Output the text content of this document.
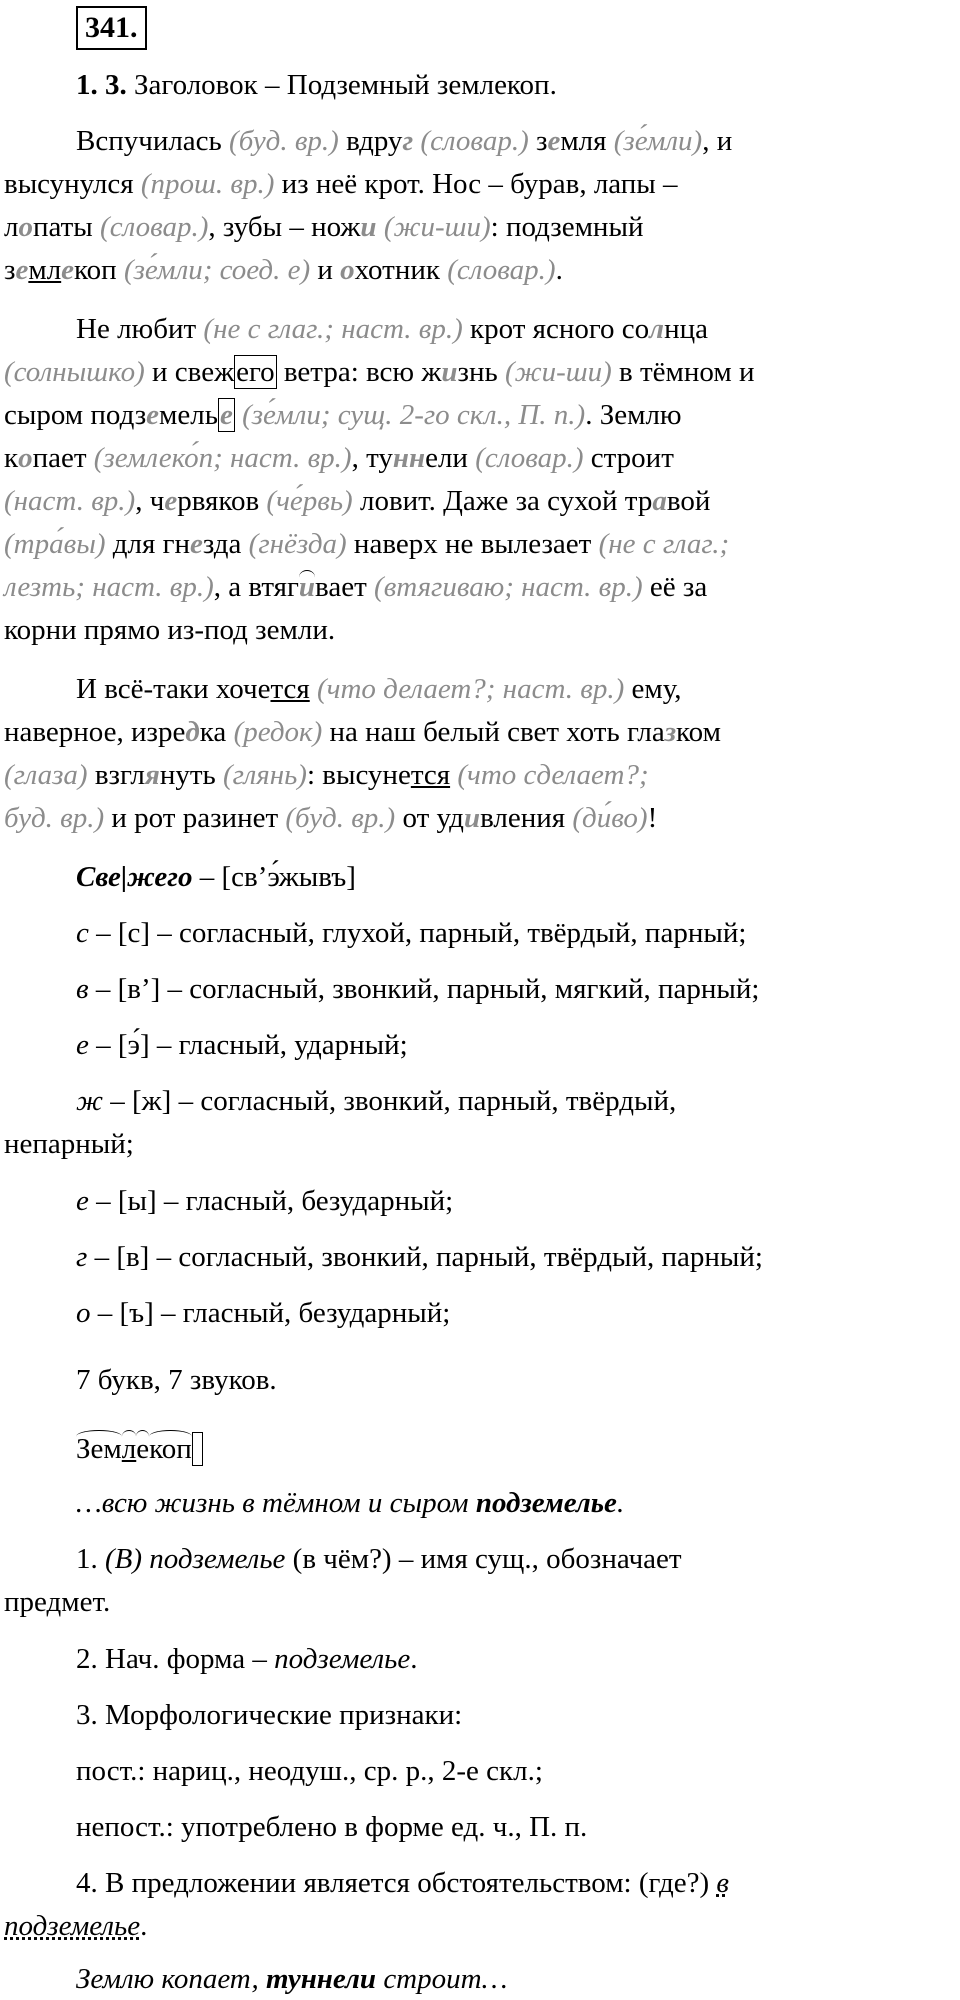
341.

1. 3. Заголовок – Подземный землекоп.

Вспучилась (буд. вр.) вдруг (словар.) земля (зе́мли), и

высунулся (прош. вр.) из неё крот. Нос – бурав, лапы –

лопаты (словар.), зубы – ножи (жи-ши): подземный

землекоп (зе́мли; соед. е) и охотник (словар.).

Не любит (не с глаг.; наст. вр.) крот ясного солнца

(солнышко) и свежего ветра: всю жизнь (жи-ши) в тёмном и

сыром подземелье (зе́мли; сущ. 2-го скл., П. п.). Землю

копает (землеко́п; наст. вр.), туннели (словар.) строит

(наст. вр.), червяков (че́рвь) ловит. Даже за сухой травой

(тра́вы) для гнезда (гнёзда) наверх не вылезает (не с глаг.;

лезть; наст. вр.), а втягивает (втягиваю; наст. вр.) её за

корни прямо из-под земли.

И всё-таки хочется (что делает?; наст. вр.) ему,

наверное, изредка (редок) на наш белый свет хоть глазком

(глаза) взглянуть (глянь): высунется (что сделает?;

буд. вр.) и рот разинет (буд. вр.) от удивления (ди́во)!

Све|жего – [св’э́жывъ]

с – [с] – согласный, глухой, парный, твёрдый, парный;

в – [в’] – согласный, звонкий, парный, мягкий, парный;

е – [э́] – гласный, ударный;

ж – [ж] – согласный, звонкий, парный, твёрдый,

непарный;

е – [ы] – гласный, безударный;

г – [в] – согласный, звонкий, парный, твёрдый, парный;

о – [ъ] – гласный, безударный;

7 букв, 7 звуков.

Землекоп

…всю жизнь в тёмном и сыром подземелье.

1. (В) подземелье (в чём?) – имя сущ., обозначает

предмет.

2. Нач. форма – подземелье.

3. Морфологические признаки:

пост.: нариц., неодуш., ср. р., 2-е скл.;

непост.: употреблено в форме ед. ч., П. п.

4. В предложении является обстоятельством: (где?) в

подземелье.

Землю копает, туннели строит…
